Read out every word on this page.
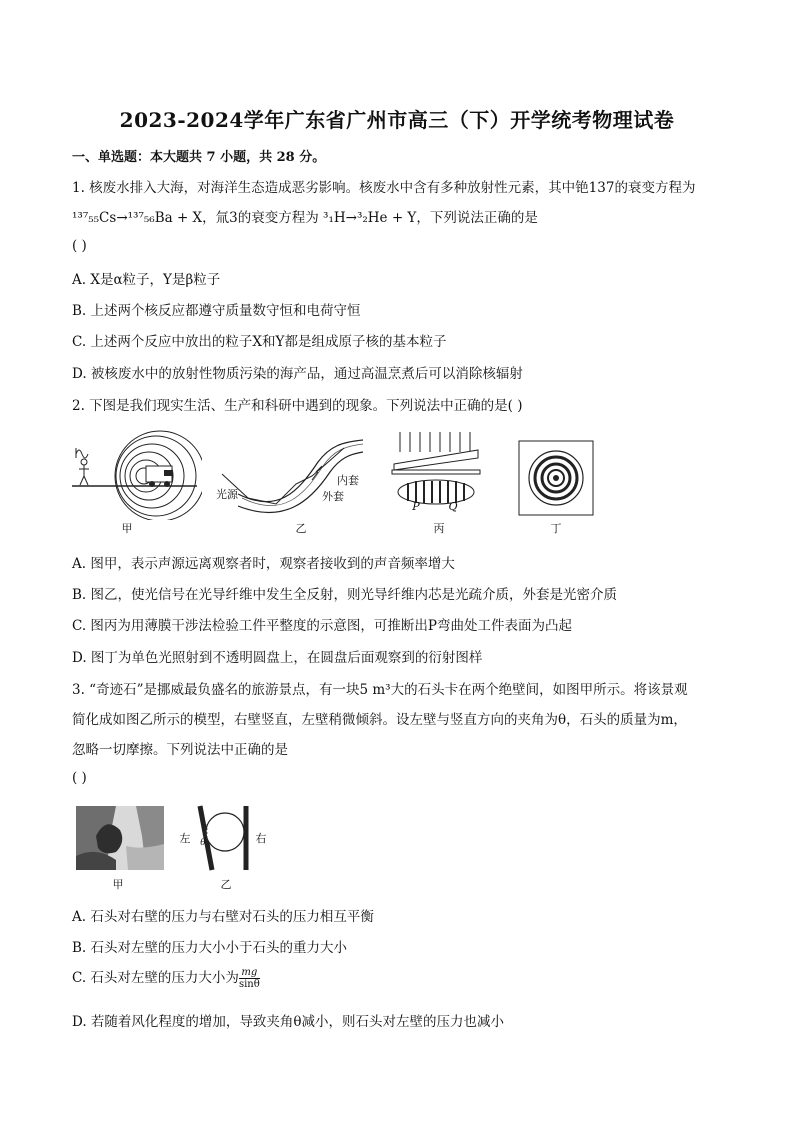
2023-2024学年广东省广州市高三（下）开学统考物理试卷
一、单选题：本大题共 7 小题，共 28 分。
1. 核废水排入大海，对海洋生态造成恶劣影响。核废水中含有多种放射性元素，其中铯137的衰变方程为
¹³⁷₅₅Cs→¹³⁷₅₆Ba + X，氚3的衰变方程为 ³₁H→³₂He + Y，下列说法正确的是
( )
A. X是α粒子，Y是β粒子
B. 上述两个核反应都遵守质量数守恒和电荷守恒
C. 上述两个反应中放出的粒子X和Y都是组成原子核的基本粒子
D. 被核废水中的放射性物质污染的海产品，通过高温烹煮后可以消除核辐射
2. 下图是我们现实生活、生产和科研中遇到的现象。下列说法中正确的是( )
甲
光源
内套
外套
乙
P	Q
丙	丁
A. 图甲，表示声源远离观察者时，观察者接收到的声音频率增大
B. 图乙，使光信号在光导纤维中发生全反射，则光导纤维内芯是光疏介质，外套是光密介质
C. 图丙为用薄膜干涉法检验工件平整度的示意图，可推断出P弯曲处工件表面为凸起
D. 图丁为单色光照射到不透明圆盘上，在圆盘后面观察到的衍射图样
3. “奇迹石”是挪威最负盛名的旅游景点，有一块5 m³大的石头卡在两个绝壁间，如图甲所示。将该景观
简化成如图乙所示的模型，右壁竖直，左壁稍微倾斜。设左壁与竖直方向的夹角为θ，石头的质量为m，
忽略一切摩擦。下列说法中正确的是
( )
甲
左 θ	右
乙
A. 石头对右壁的压力与右壁对石头的压力相互平衡
B. 石头对左壁的压力大小小于石头的重力大小
C. 石头对左壁的压力大小为 $\frac{mg}{\sin\theta}$
D. 若随着风化程度的增加，导致夹角θ减小，则石头对左壁的压力也减小
